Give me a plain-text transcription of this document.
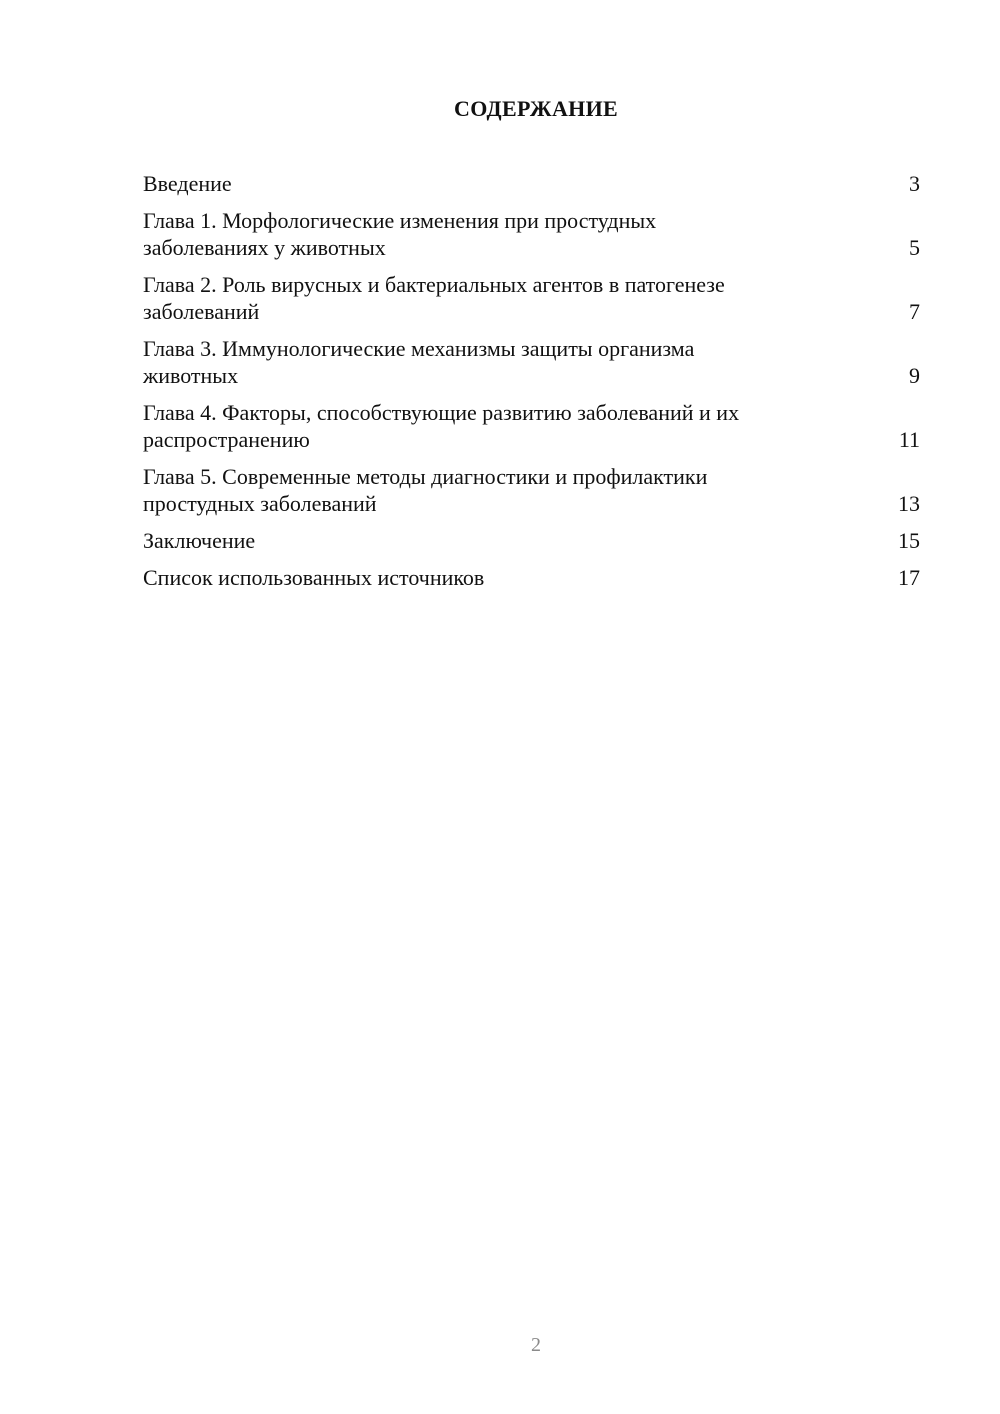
СОДЕРЖАНИЕ
Введение	3
Глава 1. Морфологические изменения при простудных
заболеваниях у животных	5
Глава 2. Роль вирусных и бактериальных агентов в патогенезе
заболеваний	7
Глава 3. Иммунологические механизмы защиты организма
животных	9
Глава 4. Факторы, способствующие развитию заболеваний и их
распространению	11
Глава 5. Современные методы диагностики и профилактики
простудных заболеваний	13
Заключение	15
Список использованных источников	17
2
